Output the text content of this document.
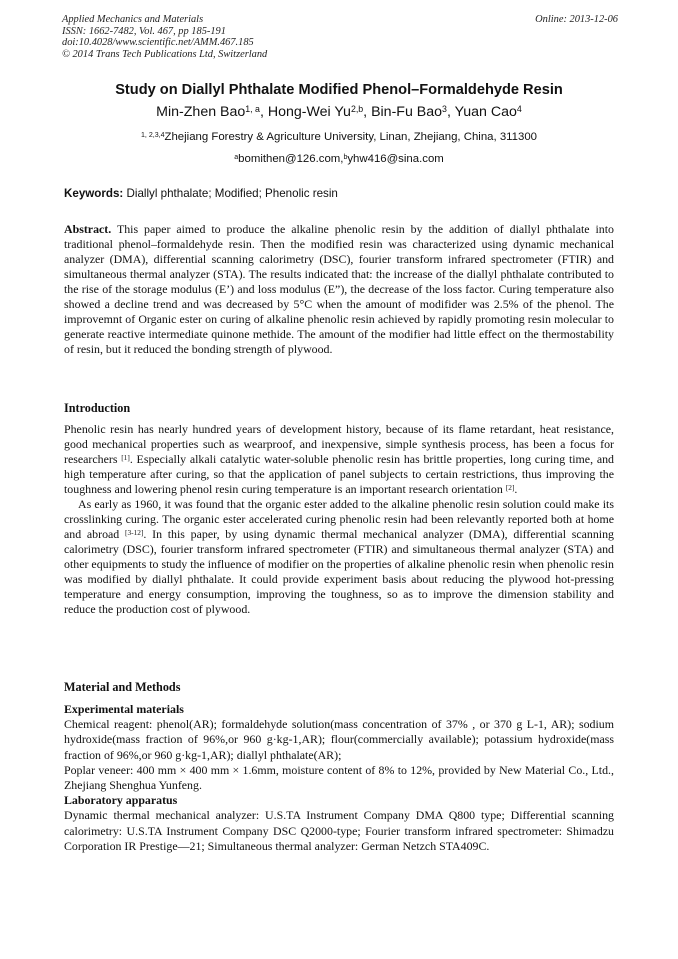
Applied Mechanics and Materials
ISSN: 1662-7482, Vol. 467, pp 185-191
doi:10.4028/www.scientific.net/AMM.467.185
© 2014 Trans Tech Publications Ltd, Switzerland
Online: 2013-12-06
Study on Diallyl Phthalate Modified Phenol–Formaldehyde Resin
Min-Zhen Bao$^{1, a}$, Hong-Wei Yu$^{2,b}$, Bin-Fu Bao$^3$, Yuan Cao$^4$
$^{1, 2,3,4}$Zhejiang Forestry & Agriculture University, Linan, Zhejiang, China, 311300
$^a$bomithen@126.com,$^b$yhw416@sina.com
Keywords: Diallyl phthalate; Modified; Phenolic resin
Abstract. This paper aimed to produce the alkaline phenolic resin by the addition of diallyl phthalate into traditional phenol–formaldehyde resin. Then the modified resin was characterized using dynamic mechanical analyzer (DMA), differential scanning calorimetry (DSC), fourier transform infrared spectrometer (FTIR) and simultaneous thermal analyzer (STA). The results indicated that: the increase of the diallyl phthalate contributed to the rise of the storage modulus (E’) and loss modulus (E”), the decrease of the loss factor. Curing temperature also showed a decline trend and was decreased by 5°C when the amount of modifider was 2.5% of the phenol. The improvemnt of Organic ester on curing of alkaline phenolic resin achieved by rapidly promoting resin molecular to generate reactive intermediate quinone methide. The amount of the modifier had little effect on the thermostability of resin, but it reduced the bonding strength of plywood.
Introduction

Phenolic resin has nearly hundred years of development history, because of its flame retardant, heat resistance, good mechanical properties such as wearproof, and inexpensive, simple synthesis process, has been a focus for researchers [1]. Especially alkali catalytic water-soluble phenolic resin has brittle properties, long curing time, and high temperature after curing, so that the application of panel subjects to certain restrictions, thus improving the toughness and lowering phenol resin curing temperature is an important research orientation [2].

As early as 1960, it was found that the organic ester added to the alkaline phenolic resin solution could make its crosslinking curing. The organic ester accelerated curing phenolic resin had been relevantly reported both at home and abroad [3-12]. In this paper, by using dynamic thermal mechanical analyzer (DMA), differential scanning calorimetry (DSC), fourier transform infrared spectrometer (FTIR) and simultaneous thermal analyzer (STA) and other equipments to study the influence of modifier on the properties of alkaline phenolic resin when phenolic resin was modified by diallyl phthalate. It could provide experiment basis about reducing the plywood hot-pressing temperature and energy consumption, improving the toughness, so as to improve the dimension stability and reduce the production cost of plywood.

Material and Methods

Experimental materials

Chemical reagent: phenol(AR); formaldehyde solution(mass concentration of 37% , or 370 g L-1, AR); sodium hydroxide(mass fraction of 96%,or 960 g·kg-1,AR); flour(commercially available); potassium hydroxide(mass fraction of 96%,or 960 g·kg-1,AR); diallyl phthalate(AR);

Poplar veneer: 400 mm × 400 mm × 1.6mm, moisture content of 8% to 12%, provided by New Material Co., Ltd., Zhejiang Shenghua Yunfeng.

Laboratory apparatus

Dynamic thermal mechanical analyzer: U.S.TA Instrument Company DMA Q800 type; Differential scanning calorimetry: U.S.TA Instrument Company DSC Q2000-type; Fourier transform infrared spectrometer: Shimadzu Corporation IR Prestige—21; Simultaneous thermal analyzer: German Netzch STA409C.
